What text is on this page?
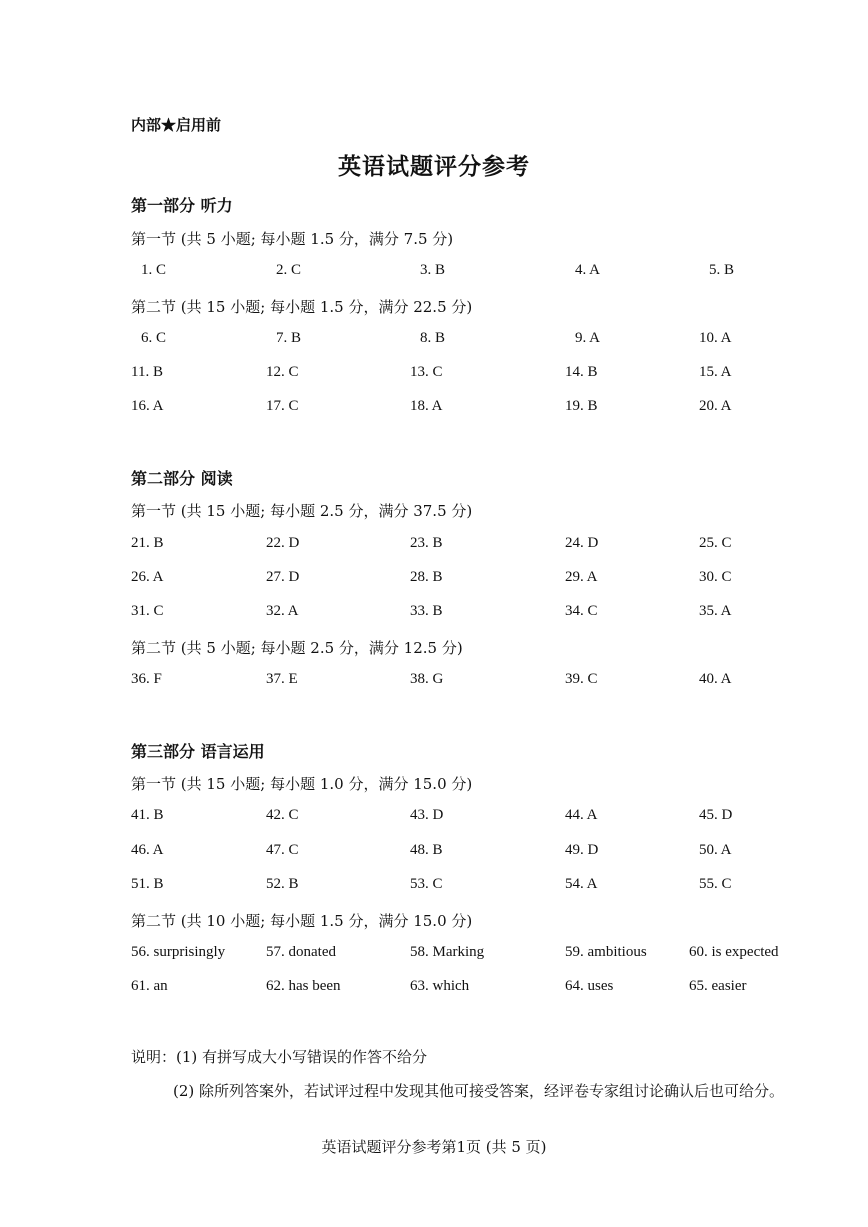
内部★启用前
英语试题评分参考
第一部分 听力
第一节 (共 5 小题; 每小题 1.5 分，满分 7.5 分)
1. C	2. C	3. B	4. A	5. B
第二节 (共 15 小题; 每小题 1.5 分，满分 22.5 分)
6. C	7. B	8. B	9. A	10. A
11. B	12. C	13. C	14. B	15. A
16. A	17. C	18. A	19. B	20. A
第二部分 阅读
第一节 (共 15 小题; 每小题 2.5 分，满分 37.5 分)
21. B	22. D	23. B	24. D	25. C
26. A	27. D	28. B	29. A	30. C
31. C	32. A	33. B	34. C	35. A
第二节 (共 5 小题; 每小题 2.5 分，满分 12.5 分)
36. F	37. E	38. G	39. C	40. A
第三部分 语言运用
第一节 (共 15 小题; 每小题 1.0 分，满分 15.0 分)
41. B	42. C	43. D	44. A	45. D
46. A	47. C	48. B	49. D	50. A
51. B	52. B	53. C	54. A	55. C
第二节 (共 10 小题; 每小题 1.5 分，满分 15.0 分)
56. surprisingly	57. donated	58. Marking	59. ambitious	60. is expected
61. an	62. has been	63. which	64. uses	65. easier
说明：(1) 有拼写成大小写错误的作答不给分
(2) 除所列答案外，若试评过程中发现其他可接受答案，经评卷专家组讨论确认后也可给分。
英语试题评分参考第1页 (共 5 页)
